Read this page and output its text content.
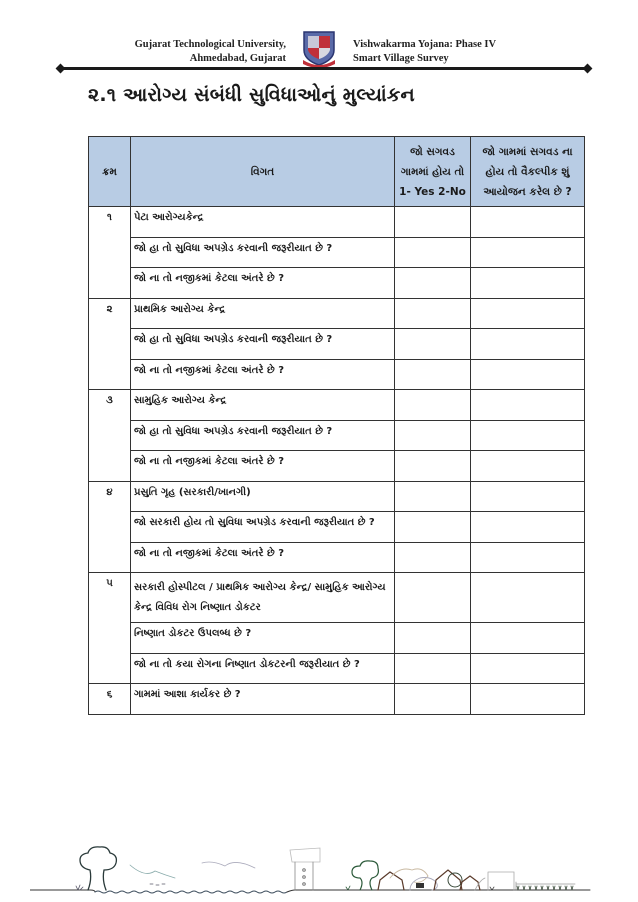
Gujarat Technological University,
Ahmedabad, Gujarat
Vishwakarma Yojana: Phase IV
Smart Village Survey
૨.૧ આરોગ્ય સંબંધી સુવિધાઓનું મુલ્યાંકન
ક્રમ	વિગત	જો સગવડ ગામમાં હોય તો 1- Yes 2-No	જો ગામમાં સગવડ ના હોય તો વૈકલ્પીક શું આયોજન કરેલ છે ?
૧	પેટા આરોગ્યકેન્દ્ર		
	જો હા તો સુવિધા અપગ્રેડ કરવાની જરૂરીયાત છે ?		
	જો ના તો નજીકમાં કેટલા અંતરે છે ?		
૨	પ્રાથમિક આરોગ્ય કેન્દ્ર		
	જો હા તો સુવિધા અપગ્રેડ કરવાની જરૂરીયાત છે ?		
	જો ના તો નજીકમાં કેટલા અંતરે છે ?		
૩	સામુહિક આરોગ્ય કેન્દ્ર		
	જો હા તો સુવિધા અપગ્રેડ કરવાની જરૂરીયાત છે ?		
	જો ના તો નજીકમાં કેટલા અંતરે છે ?		
૪	પ્રસુતિ ગૃહ (સરકારી/ખાનગી)		
	જો સરકારી હોય તો સુવિધા અપગ્રેડ કરવાની જરૂરીયાત છે ?		
	જો ના તો નજીકમાં કેટલા અંતરે છે ?		
૫	સરકારી હોસ્પીટલ / પ્રાથમિક આરોગ્ય કેન્દ્ર/ સામુહિક આરોગ્ય કેન્દ્ર વિવિધ રોગ નિષ્ણાત ડોકટર		
	નિષ્ણાત ડોકટર ઉપલબ્ધ છે ?		
	જો ના તો કયા રોગના નિષ્ણાત ડોકટરની જરૂરીયાત છે ?		
૬	ગામમાં આશા કાર્યકર છે ?		
